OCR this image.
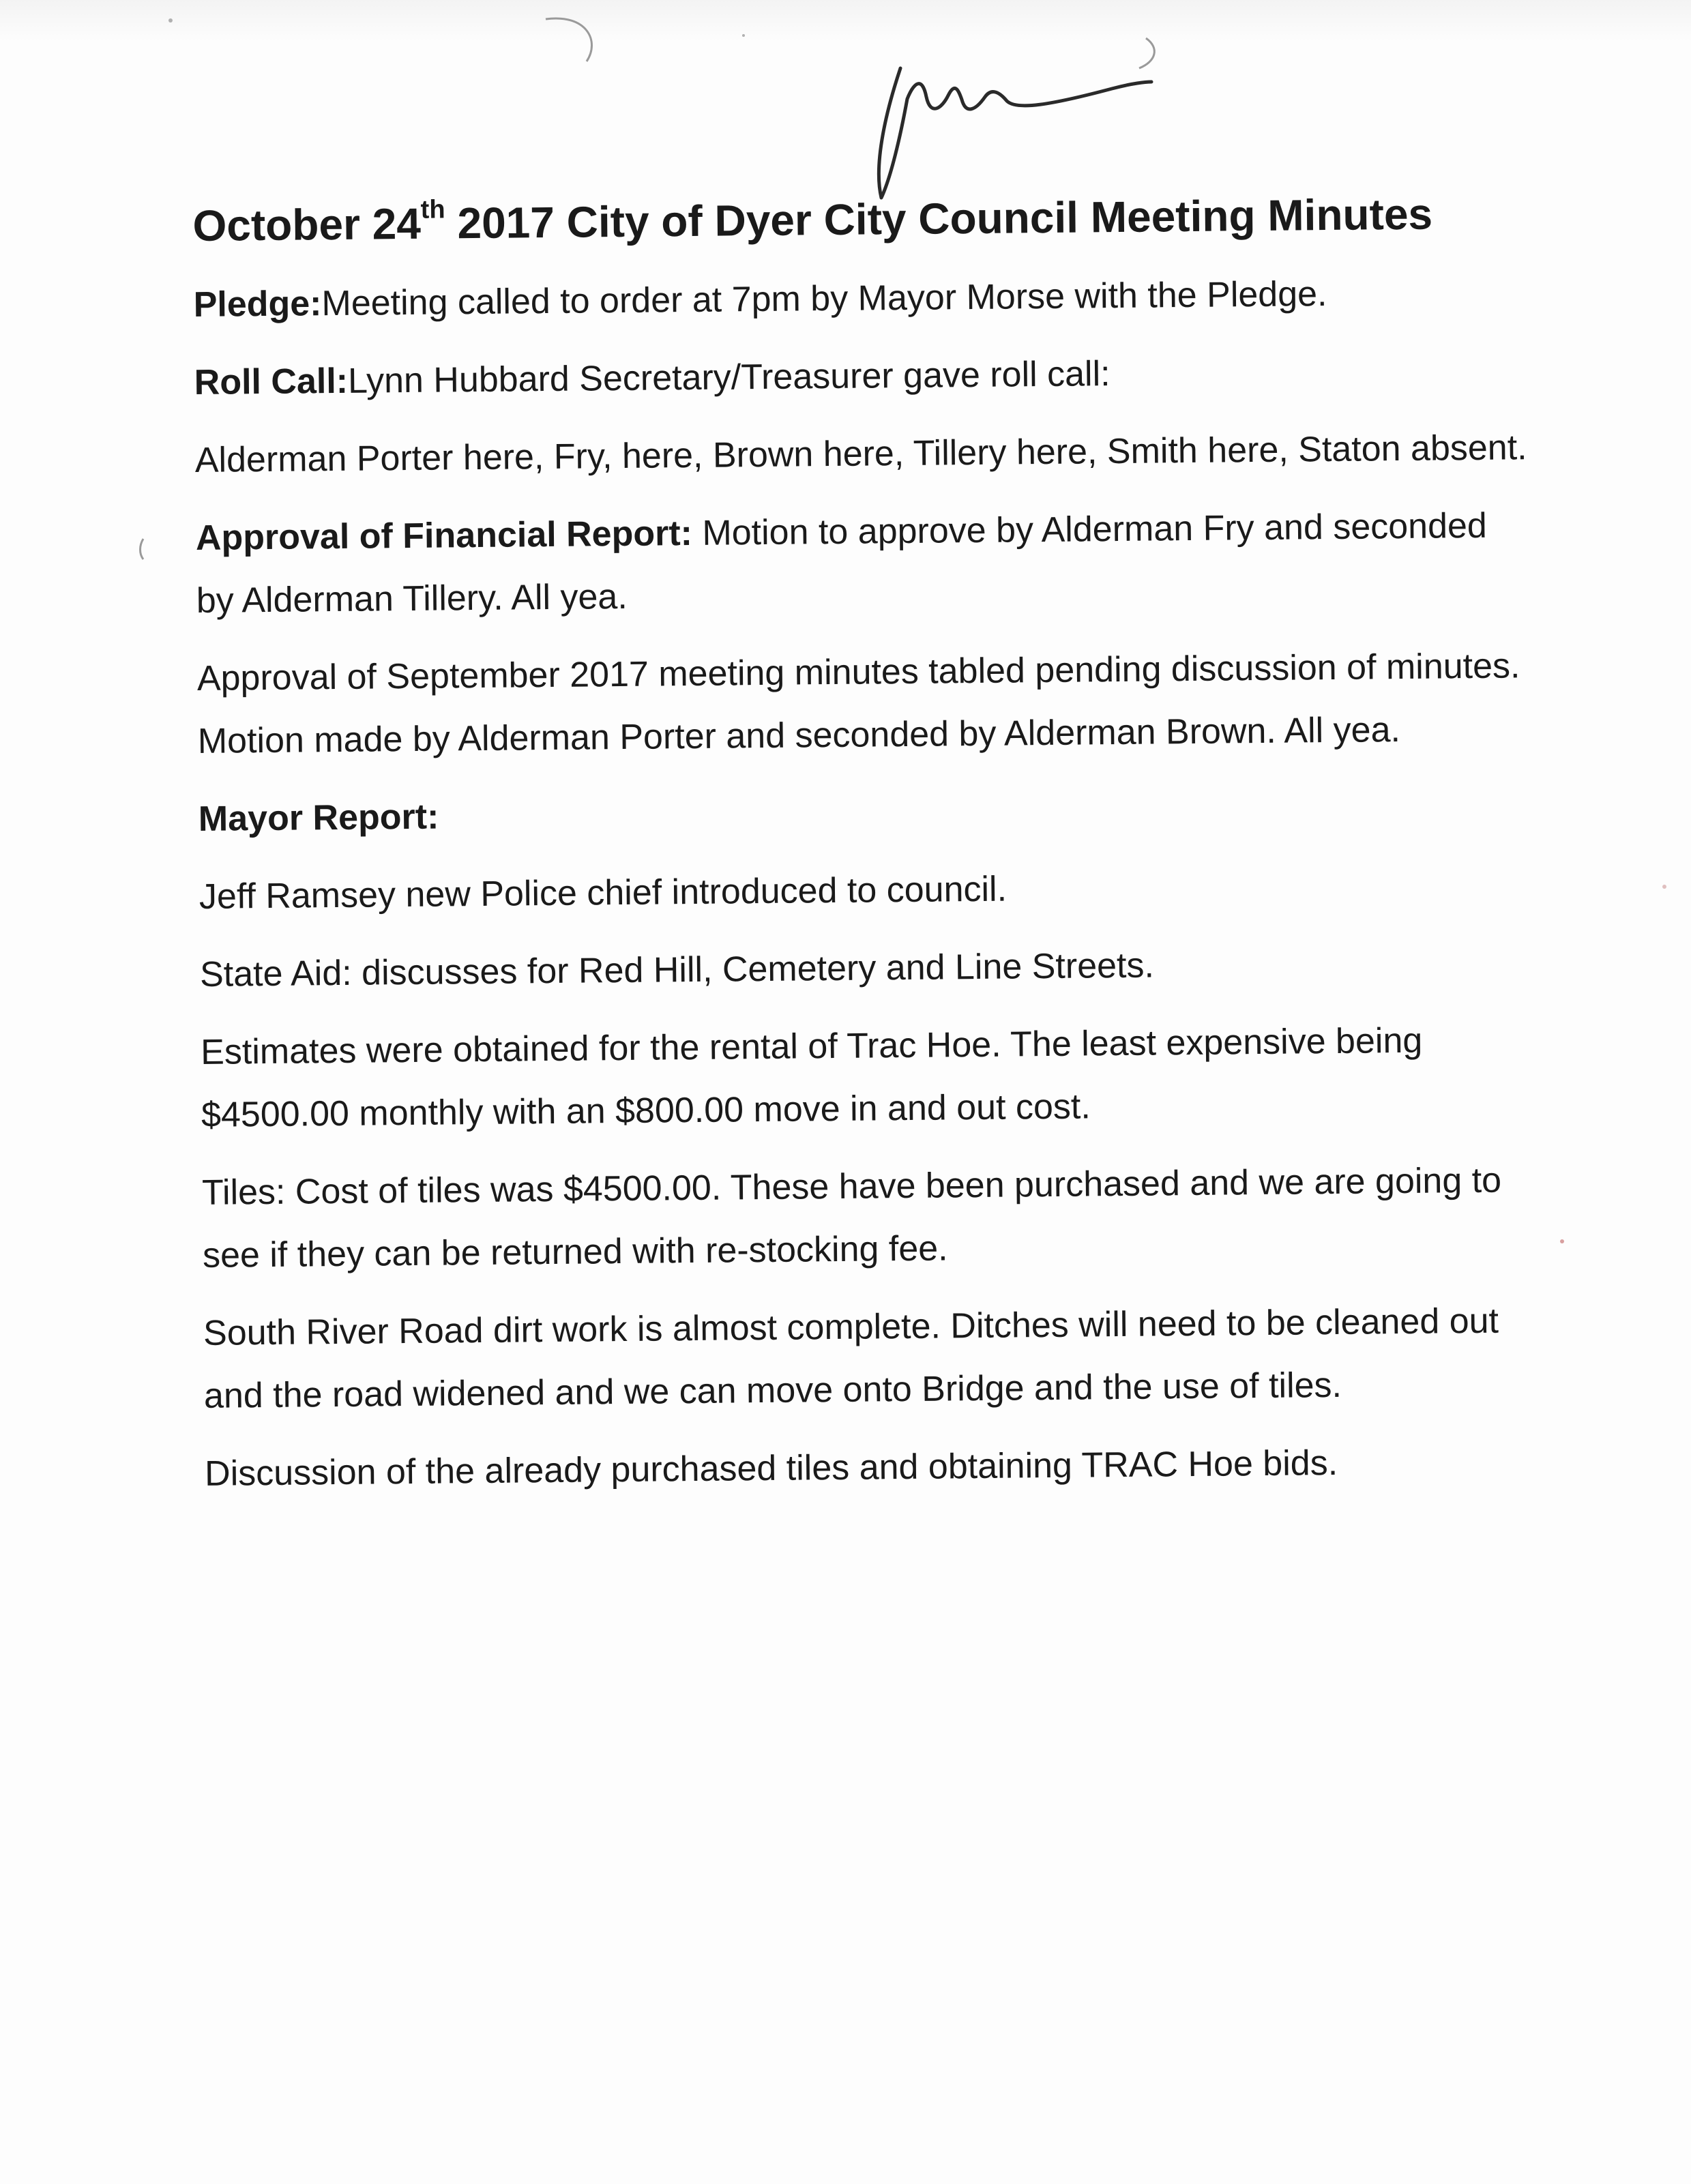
October 24th 2017 City of Dyer City Council Meeting Minutes
Pledge:Meeting called to order at 7pm by Mayor Morse with the Pledge.
Roll Call:Lynn Hubbard Secretary/Treasurer gave roll call:
Alderman Porter here, Fry, here, Brown here, Tillery here, Smith here, Staton absent.
Approval of Financial Report: Motion to approve by Alderman Fry and seconded by Alderman Tillery. All yea.
Approval of September 2017 meeting minutes tabled pending discussion of minutes. Motion made by Alderman Porter and seconded by Alderman Brown. All yea.
Mayor Report:
Jeff Ramsey new Police chief introduced to council.
State Aid: discusses for Red Hill, Cemetery and Line Streets.
Estimates were obtained for the rental of Trac Hoe. The least expensive being $4500.00 monthly with an $800.00 move in and out cost.
Tiles: Cost of tiles was $4500.00. These have been purchased and we are going to see if they can be returned with re-stocking fee.
South River Road dirt work is almost complete. Ditches will need to be cleaned out and the road widened and we can move onto Bridge and the use of tiles.
Discussion of the already purchased tiles and obtaining TRAC Hoe bids.
